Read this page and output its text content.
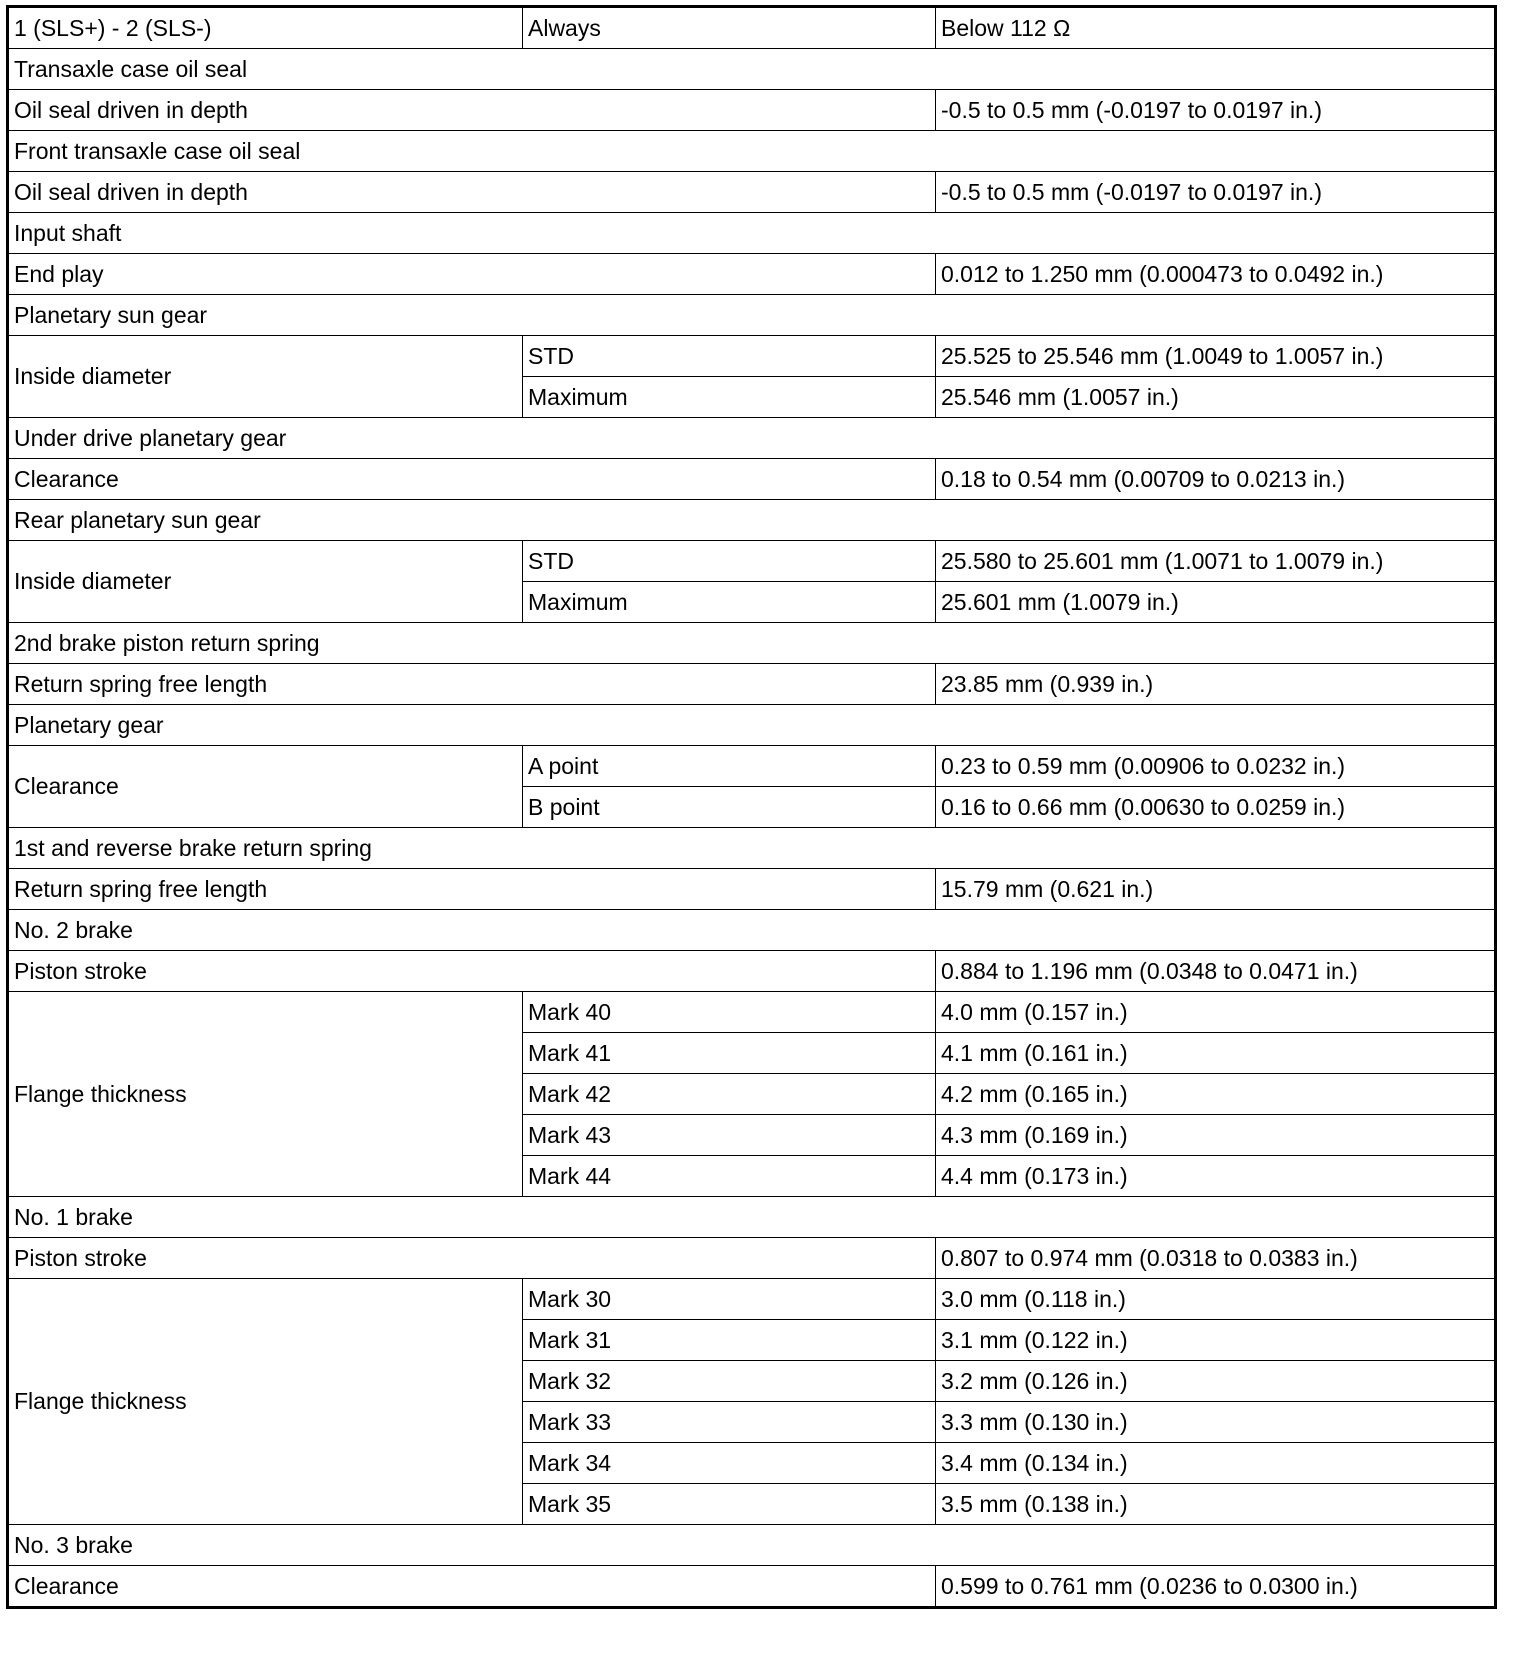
1 (SLS+) - 2 (SLS-)	Always	Below 112 Ω
Transaxle case oil seal		
Oil seal driven in depth		-0.5 to 0.5 mm (-0.0197 to 0.0197 in.)
Front transaxle case oil seal		
Oil seal driven in depth		-0.5 to 0.5 mm (-0.0197 to 0.0197 in.)
Input shaft		
End play		0.012 to 1.250 mm (0.000473 to 0.0492 in.)
Planetary sun gear		
Inside diameter	STD	25.525 to 25.546 mm (1.0049 to 1.0057 in.)
	Maximum	25.546 mm (1.0057 in.)
Under drive planetary gear		
Clearance		0.18 to 0.54 mm (0.00709 to 0.0213 in.)
Rear planetary sun gear		
Inside diameter	STD	25.580 to 25.601 mm (1.0071 to 1.0079 in.)
	Maximum	25.601 mm (1.0079 in.)
2nd brake piston return spring		
Return spring free length		23.85 mm (0.939 in.)
Planetary gear		
Clearance	A point	0.23 to 0.59 mm (0.00906 to 0.0232 in.)
	B point	0.16 to 0.66 mm (0.00630 to 0.0259 in.)
1st and reverse brake return spring		
Return spring free length		15.79 mm (0.621 in.)
No. 2 brake		
Piston stroke		0.884 to 1.196 mm (0.0348 to 0.0471 in.)
Flange thickness	Mark 40	4.0 mm (0.157 in.)
	Mark 41	4.1 mm (0.161 in.)
	Mark 42	4.2 mm (0.165 in.)
	Mark 43	4.3 mm (0.169 in.)
	Mark 44	4.4 mm (0.173 in.)
No. 1 brake		
Piston stroke		0.807 to 0.974 mm (0.0318 to 0.0383 in.)
Flange thickness	Mark 30	3.0 mm (0.118 in.)
	Mark 31	3.1 mm (0.122 in.)
	Mark 32	3.2 mm (0.126 in.)
	Mark 33	3.3 mm (0.130 in.)
	Mark 34	3.4 mm (0.134 in.)
	Mark 35	3.5 mm (0.138 in.)
No. 3 brake		
Clearance		0.599 to 0.761 mm (0.0236 to 0.0300 in.)
